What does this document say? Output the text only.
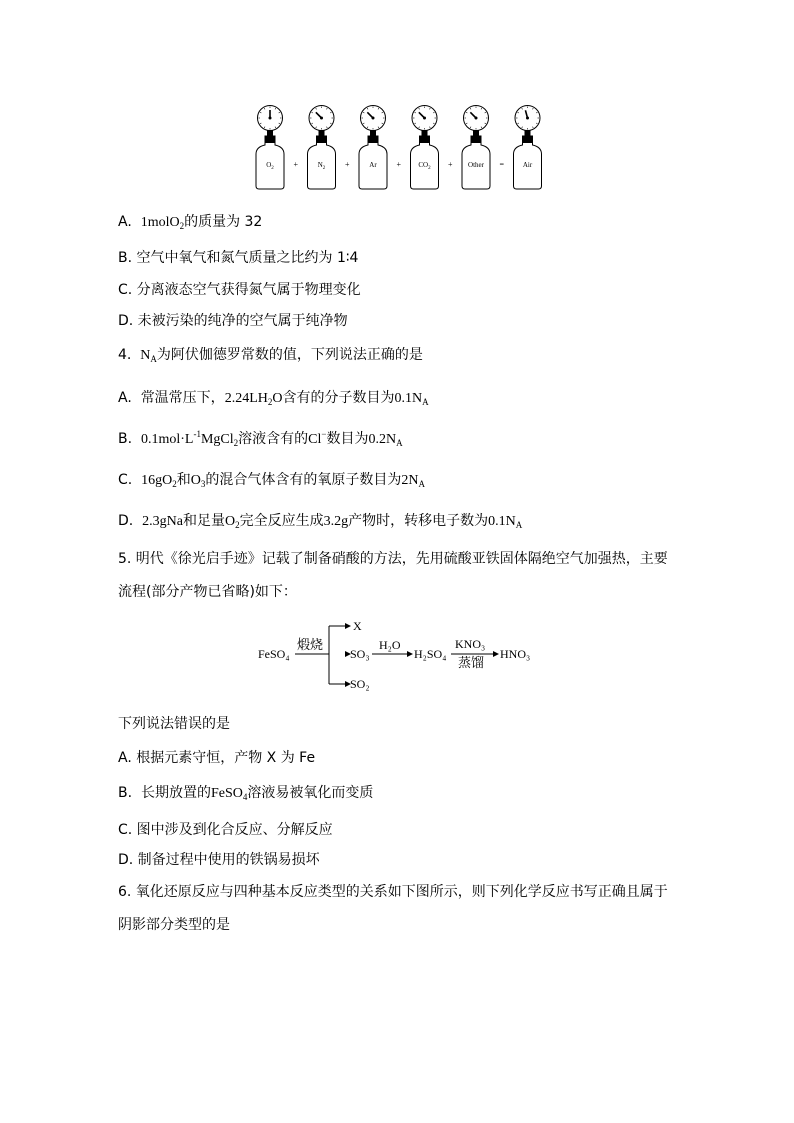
$O_2$ +	$N_2$ +	$Ar + CO_2$ + Other =	Air
A. 1molO$_2$的质量为 32
B. 空气中氧气和氮气质量之比约为 1∶4
C. 分离液态空气获得氮气属于物理变化
D. 未被污染的纯净的空气属于纯净物
4. $N_A$为阿伏伽德罗常数的值，下列说法正确的是
A. 常温常压下，$2.24LH_2O$含有的分子数目为$0.1N_A$
B. $0.1mol\cdot L^{-1}MgCl_2$溶液含有的Cl−数目为$0.2N_A$
C. $16gO_2$和$O_3$的混合气体含有的氧原子数目为$2N_A$
D. 2.3gNa和足量$O_2$完全反应生成3.2g产物时，转移电子数为$0.1N_A$
5. 明代《徐光启手迹》记载了制备硝酸的方法，先用硫酸亚铁固体隔绝空气加强热，主要
流程(部分产物已省略)如下：
FeSO₄
煅烧
X
SO₃
SO₂
H₂O
H₂SO₄
KNO₃
蒸馏
HNO₃
下列说法错误的是
A. 根据元素守恒，产物 X 为 Fe
B. 长期放置的FeSO$_4$溶液易被氧化而变质
C. 图中涉及到化合反应、分解反应
D. 制备过程中使用的铁锅易损坏
6. 氧化还原反应与四种基本反应类型的关系如下图所示，则下列化学反应书写正确且属于
阴影部分类型的是
